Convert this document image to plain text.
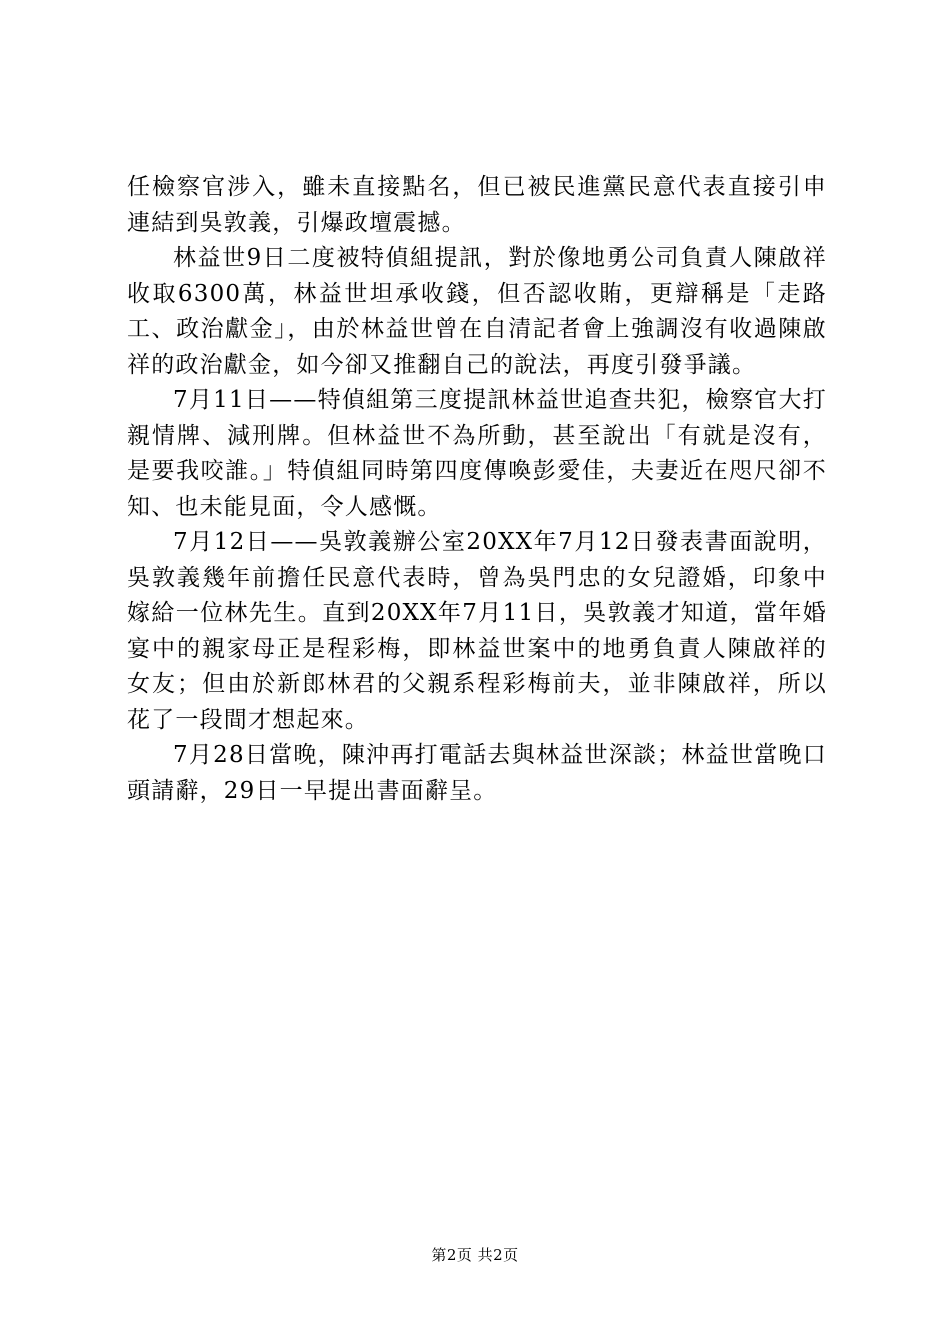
任檢察官涉入，雖未直接點名，但已被民進黨民意代表直接引申連結到吳敦義，引爆政壇震撼。

林益世9日二度被特偵組提訊，對於像地勇公司負責人陳啟祥收取6300萬，林益世坦承收錢，但否認收賄，更辯稱是「走路工、政治獻金」，由於林益世曾在自清記者會上強調沒有收過陳啟祥的政治獻金，如今卻又推翻自己的說法，再度引發爭議。

7月11日——特偵組第三度提訊林益世追查共犯，檢察官大打親情牌、減刑牌。但林益世不為所動，甚至說出「有就是沒有，是要我咬誰。」特偵組同時第四度傳喚彭愛佳，夫妻近在咫尺卻不知、也未能見面，令人感慨。

7月12日——吳敦義辦公室20XX年7月12日發表書面說明，吳敦義幾年前擔任民意代表時，曾為吳門忠的女兒證婚，印象中嫁給一位林先生。直到20XX年7月11日，吳敦義才知道，當年婚宴中的親家母正是程彩梅，即林益世案中的地勇負責人陳啟祥的女友；但由於新郎林君的父親系程彩梅前夫，並非陳啟祥，所以花了一段間才想起來。

7月28日當晚，陳沖再打電話去與林益世深談；林益世當晚口頭請辭，29日一早提出書面辭呈。

第2页 共2页
